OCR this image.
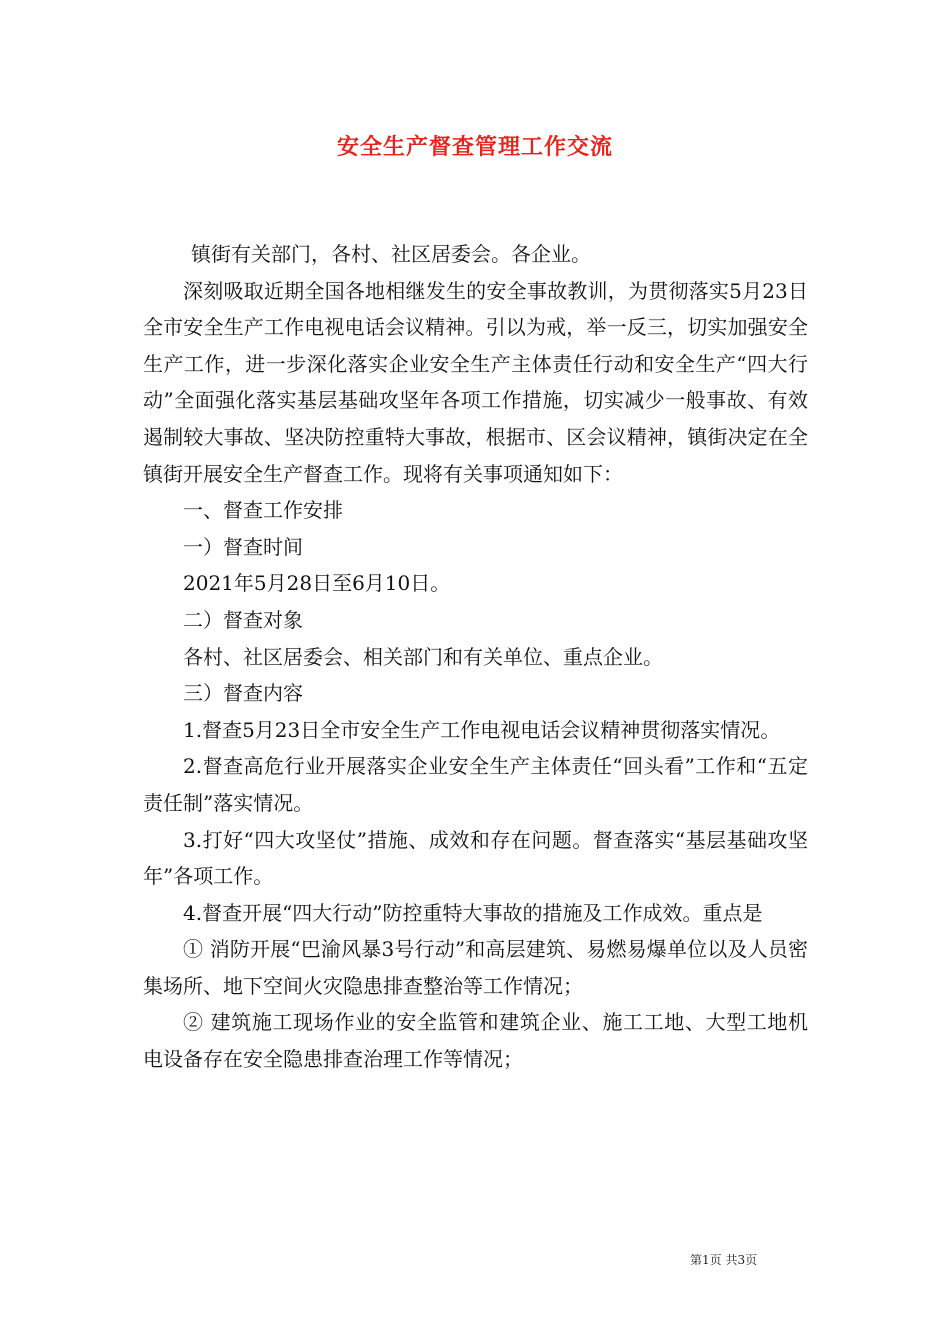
安全生产督查管理工作交流

镇街有关部门，各村、社区居委会。各企业。

深刻吸取近期全国各地相继发生的安全事故教训，为贯彻落实5月23日全市安全生产工作电视电话会议精神。引以为戒，举一反三，切实加强安全生产工作，进一步深化落实企业安全生产主体责任行动和安全生产“四大行动”全面强化落实基层基础攻坚年各项工作措施，切实减少一般事故、有效遏制较大事故、坚决防控重特大事故，根据市、区会议精神，镇街决定在全镇街开展安全生产督查工作。现将有关事项通知如下：

一、督查工作安排

一）督查时间

2021年5月28日至6月10日。

二）督查对象

各村、社区居委会、相关部门和有关单位、重点企业。

三）督查内容

1.督查5月23日全市安全生产工作电视电话会议精神贯彻落实情况。

2.督查高危行业开展落实企业安全生产主体责任“回头看”工作和“五定责任制”落实情况。

3.打好“四大攻坚仗”措施、成效和存在问题。督查落实“基层基础攻坚年”各项工作。

4.督查开展“四大行动”防控重特大事故的措施及工作成效。重点是

① 消防开展“巴渝风暴3号行动”和高层建筑、易燃易爆单位以及人员密集场所、地下空间火灾隐患排查整治等工作情况；

② 建筑施工现场作业的安全监管和建筑企业、施工工地、大型工地机电设备存在安全隐患排查治理工作等情况；

第1页 共3页
